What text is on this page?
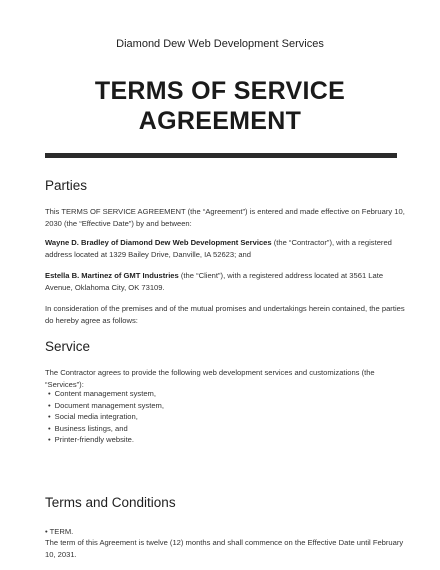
Diamond Dew Web Development Services
TERMS OF SERVICE
AGREEMENT
Parties
This TERMS OF SERVICE AGREEMENT (the “Agreement”) is entered and made effective on February 10, 2030 (the “Effective Date”) by and between:
Wayne D. Bradley of Diamond Dew Web Development Services (the “Contractor”), with a registered address located at 1329 Bailey Drive, Danville, IA 52623; and
Estella B. Martinez of GMT Industries (the “Client”), with a registered address located at 3561 Late Avenue, Oklahoma City, OK 73109.
In consideration of the premises and of the mutual promises and undertakings herein contained, the parties do hereby agree as follows:
Service
The Contractor agrees to provide the following web development services and customizations (the “Services”):
• Content management system,
• Document management system,
• Social media integration,
• Business listings, and
• Printer-friendly website.
Terms and Conditions
• TERM.
The term of this Agreement is twelve (12) months and shall commence on the Effective Date until February 10, 2031.
